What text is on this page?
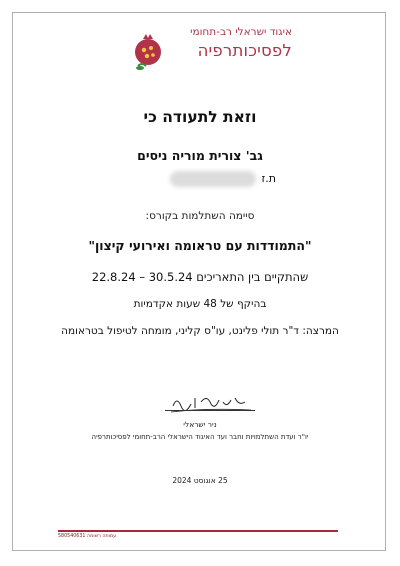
איגוד ישראלי רב-תחומי
לפסיכותרפיה
וזאת לתעודה כי
גב' צורית מוריה ניסים
ת.ז
סיימה השתלמות בקורס:
"התמודדות עם טראומה ואירועי קיצון"
שהתקיים בין התאריכים 30.5.24 – 22.8.24
בהיקף של 48 שעות אקדמיות
המרצה: ד"ר תולי פלינט, עו"ס קליני, מומחה לטיפול בטראומה
ניר ישראלי
יו"ר ועדת השתלמויות וחבר ועד האיגוד הישראלי הרב-תחומי לפסיכותרפיה
25 אוגוסט 2024
עמותה רשומה 580540631
